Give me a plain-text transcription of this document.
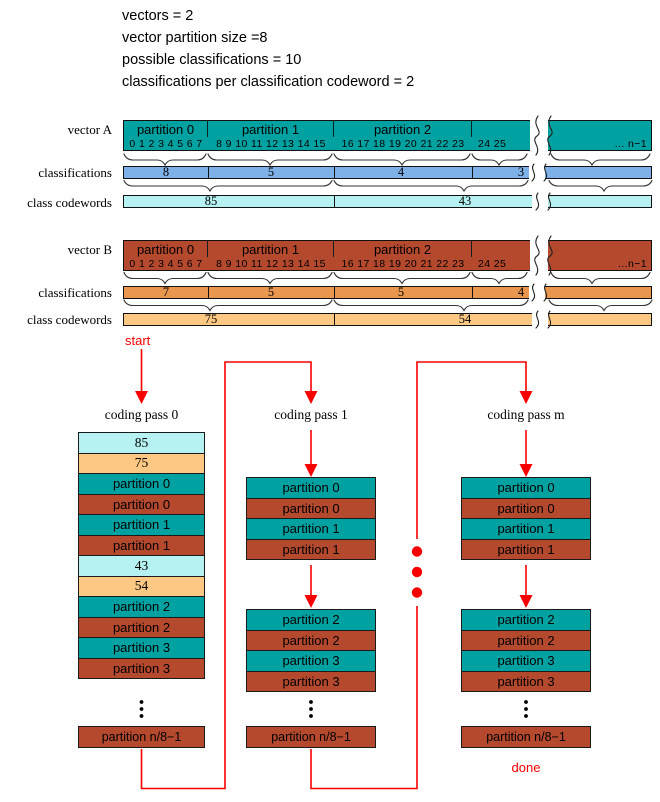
vectors = 2
vector partition size =8
possible classifications = 10
classifications per classification codeword = 2
vector A
classifications
class codewords
vector B
classifications
class codewords
partition 0	partition 1	partition 2
0 1 2 3 4 5 6 7	8 9 10 11 12 13 14 15	16 17 18 19 20 21 22 23	24 25	... n−1
8	5	4	3
85	43
partition 0	partition 1	partition 2
0 1 2 3 4 5 6 7	8 9 10 11 12 13 14 15	16 17 18 19 20 21 22 23	24 25	...n−1
7	5	5	4
75	54
start
done
coding pass 0	coding pass 1	coding pass m
85
75
partition 0
partition 0
partition 1
partition 1
43
54
partition 2
partition 2
partition 3
partition 3
partition n/8−1
partition 0
partition 0
partition 1
partition 1
partition 2
partition 2
partition 3
partition 3
partition n/8−1
partition 0
partition 0
partition 1
partition 1
partition 2
partition 2
partition 3
partition 3
partition n/8−1
